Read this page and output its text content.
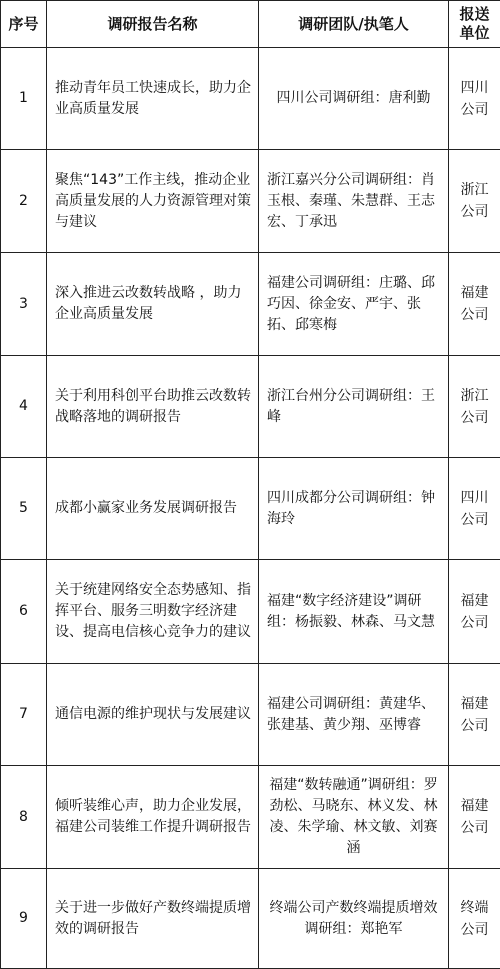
序号	调研报告名称	调研团队/执笔人	报送
单位

1	推动青年员工快速成长，助力企业高质量发展	四川公司调研组：唐利勤	四川
公司

2	聚焦“143”工作主线，推动企业高质量发展的人力资源管理对策与建议	浙江嘉兴分公司调研组：肖玉根、秦瑾、朱慧群、王志宏、丁承迅	浙江
公司

3	深入推进云改数转战略 ，助力企业高质量发展	福建公司调研组：庄璐、邱巧因、徐金安、严宇、张拓、邱寒梅	福建
公司

4	关于利用科创平台助推云改数转战略落地的调研报告	浙江台州分公司调研组：王峰	浙江
公司

5	成都小赢家业务发展调研报告	四川成都分公司调研组：钟海玲	四川
公司

6	关于统建网络安全态势感知、指挥平台、服务三明数字经济建设、提高电信核心竞争力的建议	福建“数字经济建设”调研组：杨振毅、林森、马文慧	福建
公司

7	通信电源的维护现状与发展建议	福建公司调研组：黄建华、张建基、黄少翔、巫博睿	福建
公司

8	倾听装维心声，助力企业发展，福建公司装维工作提升调研报告	福建“数转融通”调研组：罗劲松、马晓东、林义发、林凌、朱学瑜、林文敏、刘赛涵	福建
公司

9	关于进一步做好产数终端提质增效的调研报告	终端公司产数终端提质增效调研组：郑艳军	终端
公司
